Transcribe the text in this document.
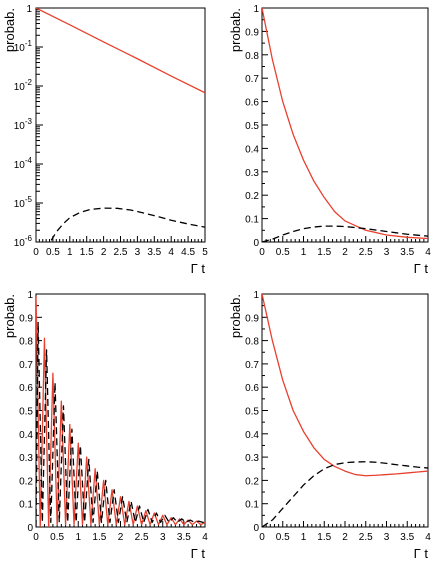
0 0.5 1 1.5 2 2.5 3 3.5 4 4.5 5
$10^{-6}$
$10^{-5}$
$10^{-4}$
$10^{-3}$
$10^{-2}$
$10^{-1}$
1
Γ t
probab.
0 0.5 1 1.5 2 2.5 3 3.5 4
0
0.1
0.2
0.3
0.4
0.5
0.6
0.7
0.8
0.9
1
Γ t
probab.
0 0.5 1 1.5 2 2.5 3 3.5 4
0
0.1
0.2
0.3
0.4
0.5
0.6
0.7
0.8
0.9
1
Γ t
probab.
0 0.5 1 1.5 2 2.5 3 3.5 4
0
0.1
0.2
0.3
0.4
0.5
0.6
0.7
0.8
0.9
1
Γ t
probab.
